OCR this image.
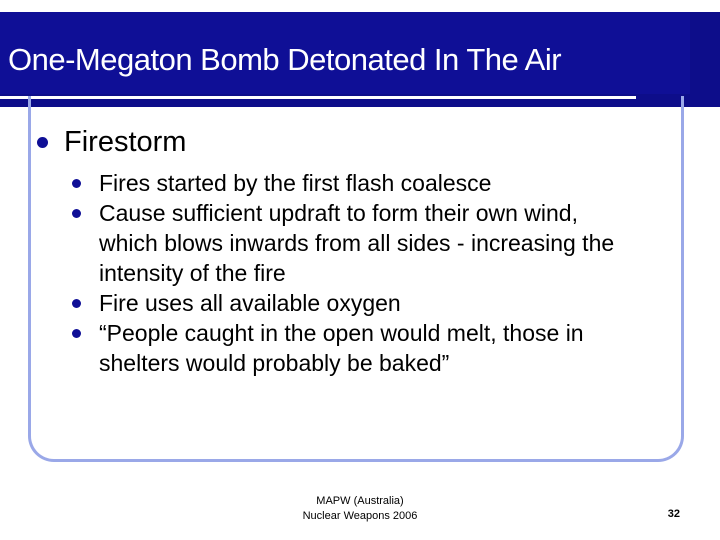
One-Megaton Bomb Detonated In The Air
Firestorm
Fires started by the first flash coalesce
Cause sufficient updraft to form their own wind, which blows inwards from all sides - increasing the intensity of the fire
Fire uses all available oxygen
“People caught in the open would melt, those in shelters would probably be baked”
MAPW (Australia)
Nuclear Weapons 2006	32
